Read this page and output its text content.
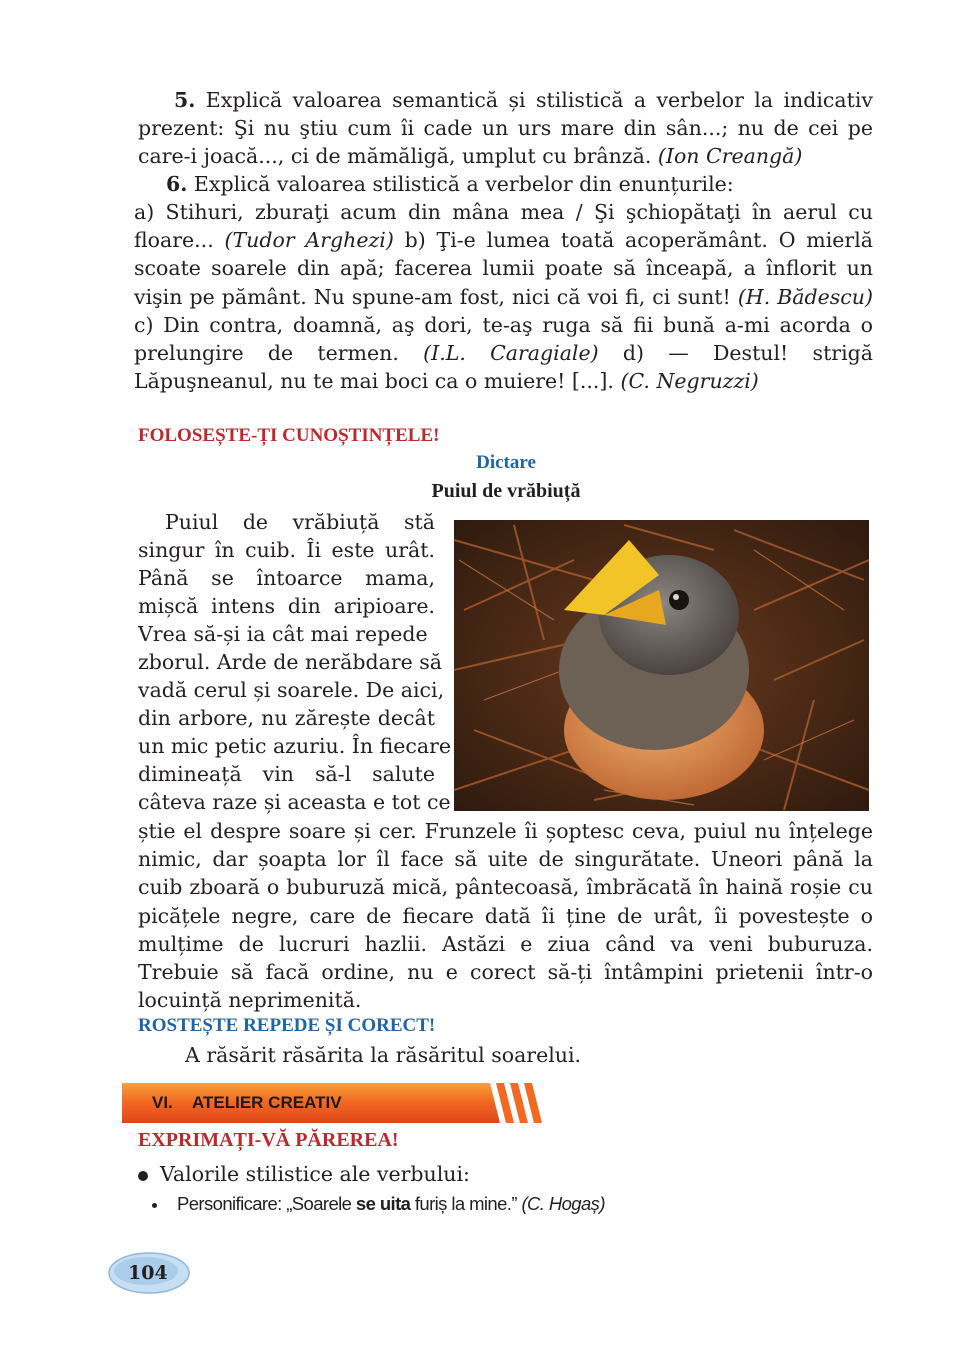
5. Explică valoarea semantică și stilistică a verbelor la indicativ prezent: Şi nu ştiu cum îi cade un urs mare din sân...; nu de cei pe care-i joacă..., ci de mămăligă, umplut cu brânză. (Ion Creangă)
6. Explică valoarea stilistică a verbelor din enunțurile:
a) Stihuri, zburaţi acum din mâna mea / Şi şchiopătaţi în aerul cu floare... (Tudor Arghezi) b) Ţi-e lumea toată acoperământ. O mierlă scoate soarele din apă; facerea lumii poate să înceapă, a înflorit un vişin pe pământ. Nu spune-am fost, nici că voi fi, ci sunt! (H. Bădescu) c) Din contra, doamnă, aş dori, te-aş ruga să fii bună a-mi acorda o prelungire de termen. (I.L. Caragiale) d) — Destul! strigă Lăpuşneanul, nu te mai boci ca o muiere! [...]. (C. Negruzzi)
FOLOSEȘTE-ȚI CUNOȘTINȚELE!
Dictare
Puiul de vrăbiuță
Puiul de vrăbiuță stă
singur în cuib. Îi este urât.
Până se întoarce mama,
mișcă intens din aripioare.
Vrea să-și ia cât mai repede
zborul. Arde de nerăbdare să
vadă cerul și soarele. De aici,
din arbore, nu zărește decât
un mic petic azuriu. În fiecare
dimineață vin să-l salute
câteva raze și aceasta e tot ce
știe el despre soare și cer. Frunzele îi șoptesc ceva, puiul nu înțelege nimic, dar șoapta lor îl face să uite de singurătate. Uneori până la cuib zboară o buburuză mică, pântecoasă, îmbrăcată în haină roșie cu picățele negre, care de fiecare dată îi ține de urât, îi povestește o mulțime de lucruri hazlii. Astăzi e ziua când va veni buburuza. Trebuie să facă ordine, nu e corect să-ți întâmpini prietenii într-o locuință neprimenită.
ROSTEȘTE REPEDE ȘI CORECT!
A răsărit răsărita la răsăritul soarelui.
VI. ATELIER CREATIV
EXPRIMAȚI-VĂ PĂREREA!
Valorile stilistice ale verbului:
Personificare: „Soarele se uita furiș la mine.” (C. Hogaș)
104
